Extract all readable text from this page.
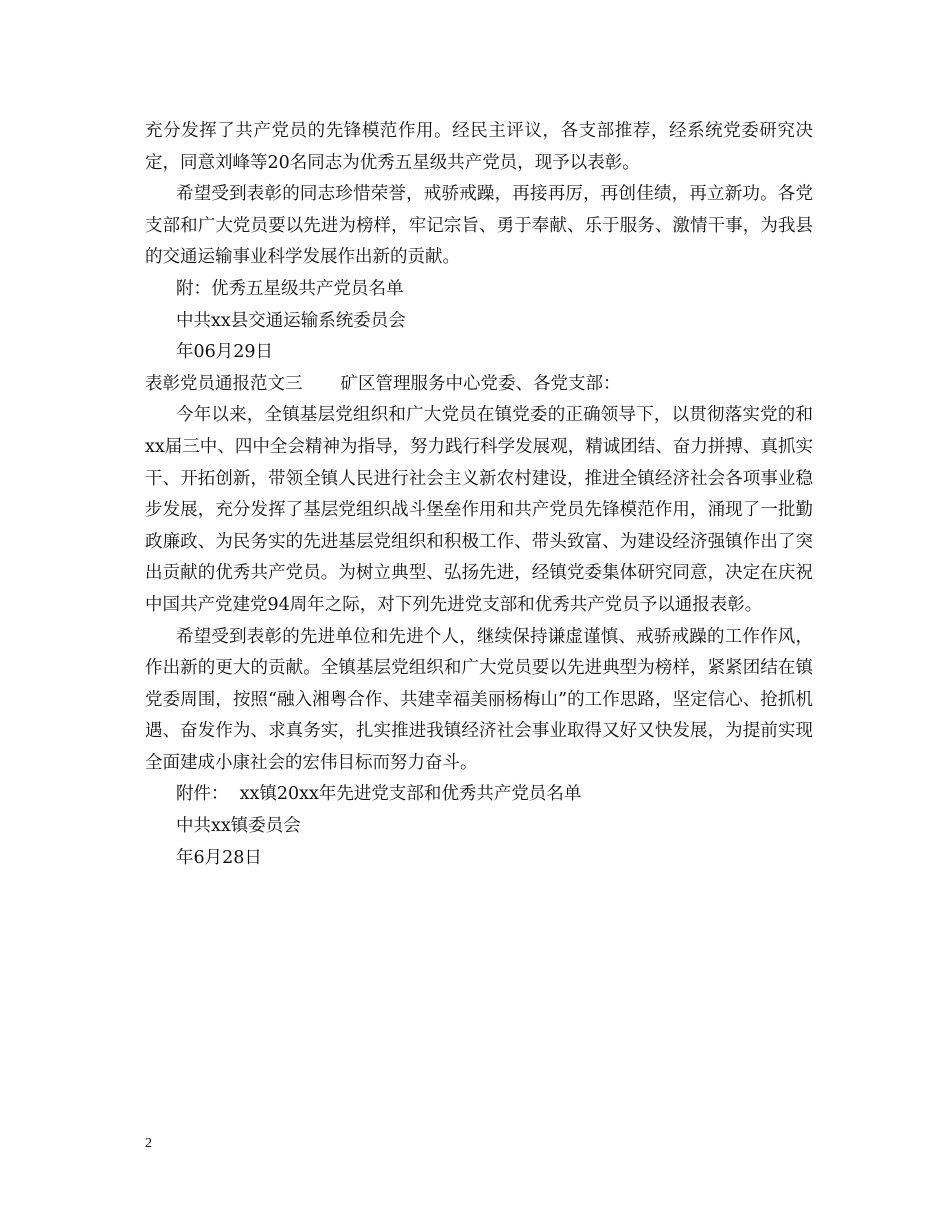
充分发挥了共产党员的先锋模范作用。经民主评议，各支部推荐，经系统党委研究决定，同意刘峰等20名同志为优秀五星级共产党员，现予以表彰。

希望受到表彰的同志珍惜荣誉，戒骄戒躁，再接再厉，再创佳绩，再立新功。各党支部和广大党员要以先进为榜样，牢记宗旨、勇于奉献、乐于服务、激情干事，为我县的交通运输事业科学发展作出新的贡献。

附：优秀五星级共产党员名单

中共xx县交通运输系统委员会

年06月29日

表彰党员通报范文三 矿区管理服务中心党委、各党支部：

今年以来，全镇基层党组织和广大党员在镇党委的正确领导下，以贯彻落实党的和xx届三中、四中全会精神为指导，努力践行科学发展观，精诚团结、奋力拼搏、真抓实干、开拓创新，带领全镇人民进行社会主义新农村建设，推进全镇经济社会各项事业稳步发展，充分发挥了基层党组织战斗堡垒作用和共产党员先锋模范作用，涌现了一批勤政廉政、为民务实的先进基层党组织和积极工作、带头致富、为建设经济强镇作出了突出贡献的优秀共产党员。为树立典型、弘扬先进，经镇党委集体研究同意，决定在庆祝中国共产党建党94周年之际，对下列先进党支部和优秀共产党员予以通报表彰。

希望受到表彰的先进单位和先进个人，继续保持谦虚谨慎、戒骄戒躁的工作作风，作出新的更大的贡献。全镇基层党组织和广大党员要以先进典型为榜样，紧紧团结在镇党委周围，按照“融入湘粤合作、共建幸福美丽杨梅山”的工作思路，坚定信心、抢抓机遇、奋发作为、求真务实，扎实推进我镇经济社会事业取得又好又快发展，为提前实现全面建成小康社会的宏伟目标而努力奋斗。

附件：  xx镇20xx年先进党支部和优秀共产党员名单

中共xx镇委员会

年6月28日

2
